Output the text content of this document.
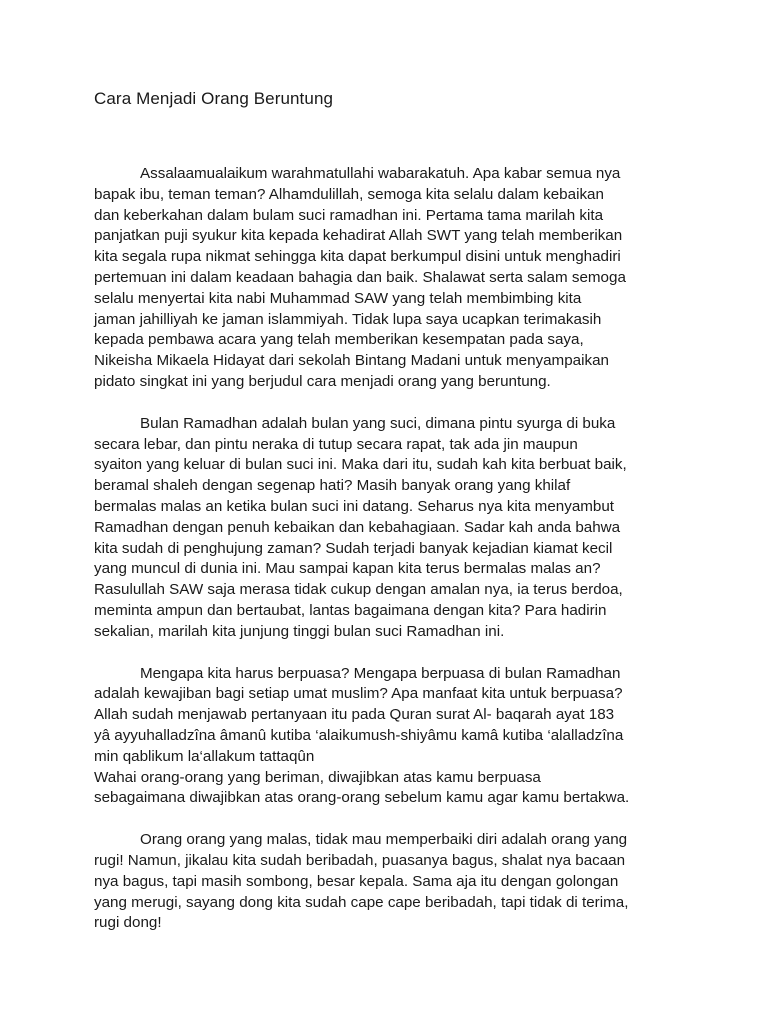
Cara Menjadi Orang Beruntung

Assalaamualaikum warahmatullahi wabarakatuh. Apa kabar semua nya
bapak ibu, teman teman? Alhamdulillah, semoga kita selalu dalam kebaikan
dan keberkahan dalam bulam suci ramadhan ini. Pertama tama marilah kita
panjatkan puji syukur kita kepada kehadirat Allah SWT yang telah memberikan
kita segala rupa nikmat sehingga kita dapat berkumpul disini untuk menghadiri
pertemuan ini dalam keadaan bahagia dan baik. Shalawat serta salam semoga
selalu menyertai kita nabi Muhammad SAW yang telah membimbing kita
jaman jahilliyah ke jaman islammiyah. Tidak lupa saya ucapkan terimakasih
kepada pembawa acara yang telah memberikan kesempatan pada saya,
Nikeisha Mikaela Hidayat dari sekolah Bintang Madani untuk menyampaikan
pidato singkat ini yang berjudul cara menjadi orang yang beruntung.

Bulan Ramadhan adalah bulan yang suci, dimana pintu syurga di buka
secara lebar, dan pintu neraka di tutup secara rapat, tak ada jin maupun
syaiton yang keluar di bulan suci ini. Maka dari itu, sudah kah kita berbuat baik,
beramal shaleh dengan segenap hati? Masih banyak orang yang khilaf
bermalas malas an ketika bulan suci ini datang. Seharus nya kita menyambut
Ramadhan dengan penuh kebaikan dan kebahagiaan. Sadar kah anda bahwa
kita sudah di penghujung zaman? Sudah terjadi banyak kejadian kiamat kecil
yang muncul di dunia ini. Mau sampai kapan kita terus bermalas malas an?
Rasulullah SAW saja merasa tidak cukup dengan amalan nya, ia terus berdoa,
meminta ampun dan bertaubat, lantas bagaimana dengan kita? Para hadirin
sekalian, marilah kita junjung tinggi bulan suci Ramadhan ini.

Mengapa kita harus berpuasa? Mengapa berpuasa di bulan Ramadhan
adalah kewajiban bagi setiap umat muslim? Apa manfaat kita untuk berpuasa?
Allah sudah menjawab pertanyaan itu pada Quran surat Al- baqarah ayat 183
yâ ayyuhalladzîna âmanû kutiba ‘alaikumush-shiyâmu kamâ kutiba ‘alalladzîna
min qablikum la‘allakum tattaqûn
Wahai orang-orang yang beriman, diwajibkan atas kamu berpuasa
sebagaimana diwajibkan atas orang-orang sebelum kamu agar kamu bertakwa.

Orang orang yang malas, tidak mau memperbaiki diri adalah orang yang
rugi! Namun, jikalau kita sudah beribadah, puasanya bagus, shalat nya bacaan
nya bagus, tapi masih sombong, besar kepala. Sama aja itu dengan golongan
yang merugi, sayang dong kita sudah cape cape beribadah, tapi tidak di terima,
rugi dong!
